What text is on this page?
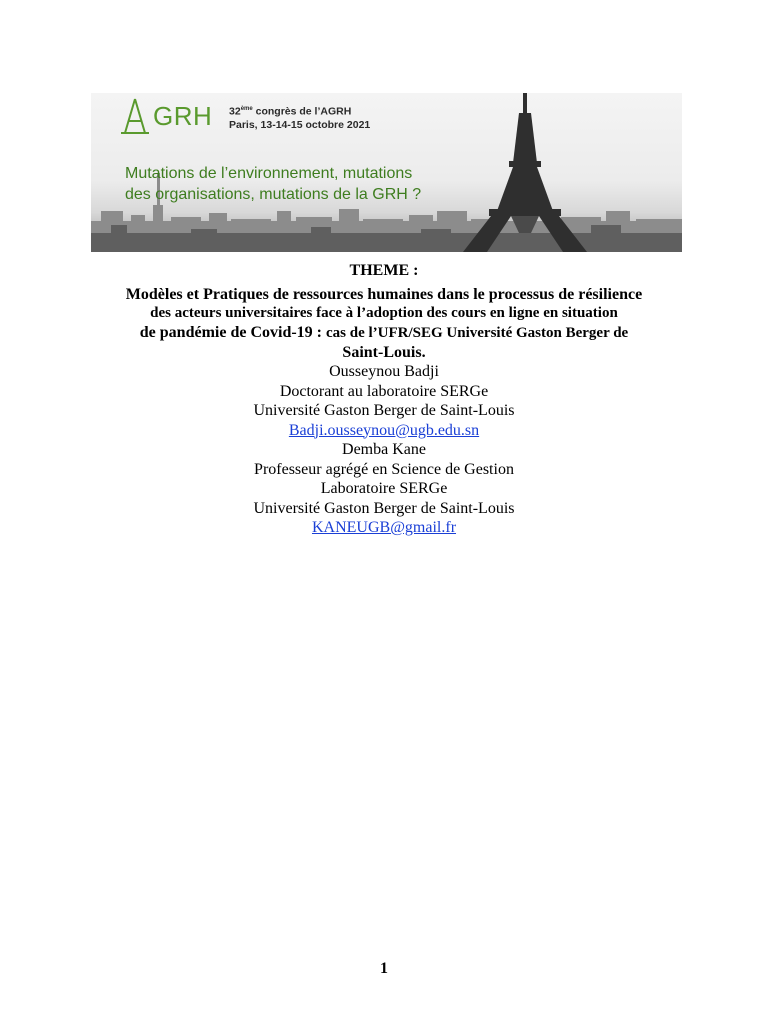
GRH 32ème congrès de l’AGRH
Paris, 13-14-15 octobre 2021
Mutations de l’environnement, mutations
des organisations, mutations de la GRH ?
THEME :
Modèles et Pratiques de ressources humaines dans le processus de résilience
des acteurs universitaires face à l’adoption des cours en ligne en situation
de pandémie de Covid-19 : cas de l’UFR/SEG Université Gaston Berger de
Saint-Louis.
Ousseynou Badji
Doctorant au laboratoire SERGe
Université Gaston Berger de Saint-Louis
Badji.ousseynou@ugb.edu.sn
Demba Kane
Professeur agrégé en Science de Gestion
Laboratoire SERGe
Université Gaston Berger de Saint-Louis
KANEUGB@gmail.fr
1
